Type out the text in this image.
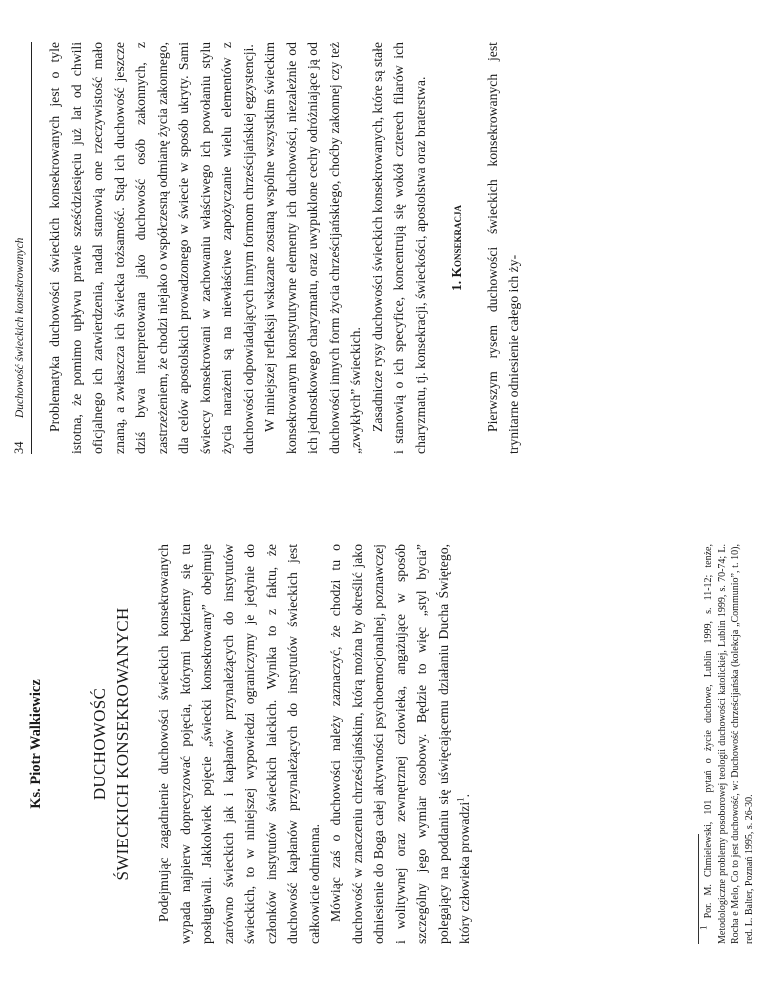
Ks. Piotr Walkiewicz	DUCHOWOŚĆ ŚWIECKICH KONSEKROWANYCH Podejmując zagadnienie duchowości świeckich konsekrowanych wypada najpierw doprecyzować pojęcia, którymi będziemy się tu posługiwali. Jakkolwiek pojęcie „świecki konsekrowany” obejmuje zarówno świeckich jak i kapłanów przynależących do instytutów świeckich, to w niniejszej wypowiedzi ograniczymy je jedynie do członków instytutów świeckich laickich. Wynika to z faktu, że duchowość kapłanów przynależących do instytutów świeckich jest całkowicie odmienna. Mówiąc zaś o duchowości należy zaznaczyć, że chodzi tu o duchowość w znaczeniu chrześcijańskim, którą można by określić jako odniesienie do Boga całej aktywności psychoemocjonalnej, poznawczej i wolitywnej oraz zewnętrznej człowieka, angażujące w sposób szczególny jego wymiar osobowy. Będzie to więc „styl bycia” polegający na poddaniu się uświęcającemu działaniu Ducha Świętego, który człowieka prowadzi$^1$.

$^1$ Por. M. Chmielewski, 101 pytań o życie duchowe, Lublin 1999, s. 11-12; tenże, Metodologiczne problemy posoborowej teologii duchowości katolickiej, Lublin 1999, s. 70-74; L. Rocha e Melo, Co to jest duchowość, w: Duchowość chrześcijańska (kolekcja „Communio”, t. 10), red. L. Balter, Poznań 1995, s. 26-30.
34
Duchowość świeckich konsekrowanych Problematyka duchowości świeckich konsekrowanych jest o tyle istotna, że pomimo upływu prawie sześćdziesięciu już lat od chwili oficjalnego ich zatwierdzenia, nadal stanowią one rzeczywistość mało znaną, a zwłaszcza ich świecka tożsamość. Stąd ich duchowość jeszcze dziś bywa interpretowana jako duchowość osób zakonnych, z zastrzeżeniem, że chodzi niejako o współczesną odmianę życia zakonnego, dla celów apostolskich prowadzonego w świecie w sposób ukryty. Sami świeccy konsekrowani w zachowaniu właściwego ich powołaniu stylu życia narażeni są na niewłaściwe zapożyczanie wielu elementów z duchowości odpowiadających innym formom chrześcijańskiej egzystencji. W niniejszej refleksji wskazane zostaną wspólne wszystkim świeckim konsekrowanym konstytutywne elementy ich duchowości, niezależnie od ich jednostkowego charyzmatu, oraz uwypuklone cechy odróżniające ją od duchowości innych form życia chrześcijańskiego, choćby zakonnej czy też „zwykłych” świeckich. Zasadnicze rysy duchowości świeckich konsekrowanych, które są stałe i stanowią o ich specyfice, koncentrują się wokół czterech filarów ich charyzmatu, tj. konsekracji, świeckości, apostolstwa oraz braterstwa. 1. Konsekracja Pierwszym rysem duchowości świeckich konsekrowanych jest trynitarne odniesienie całego ich ży-
